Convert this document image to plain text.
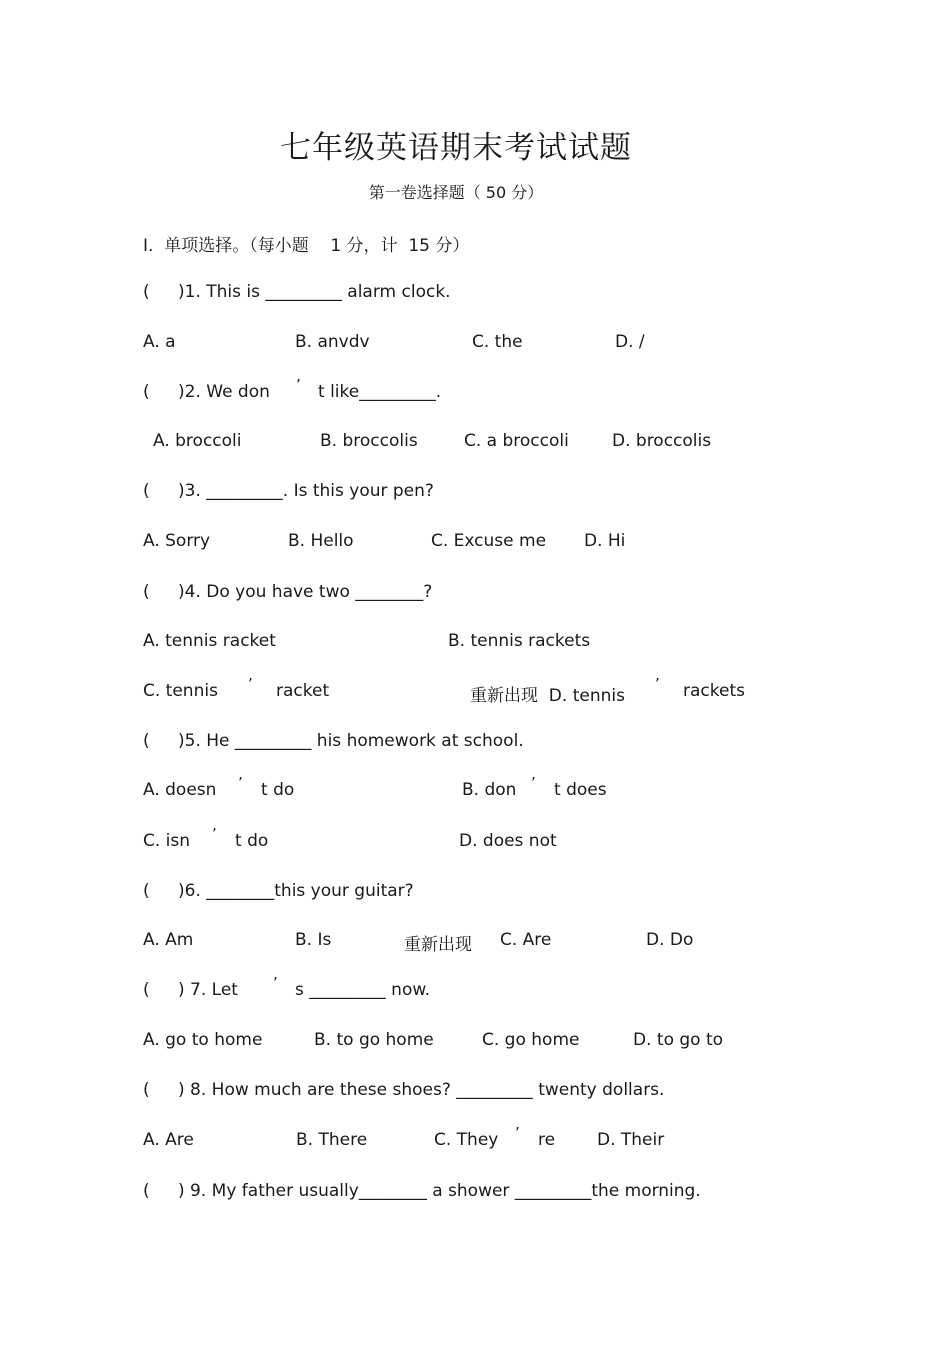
七年级英语期末考试试题
第一卷选择题（ 50 分）
I.  单项选择。（每小题    1 分，计  15 分）
( )1. This is _________ alarm clock.
A. a	B. anvdv	C. the	D. /
( )2. We don ’ t like_________.
A. broccoli	B. broccolis	C. a broccoli	D. broccolis
( )3. _________. Is this your pen?
A. Sorry	B. Hello	C. Excuse me D. Hi
( )4. Do you have two ________?
A. tennis racket	B. tennis rackets
C. tennis ’ racket	重新出现  D. tennis
’ rackets
( )5. He _________ his homework at school.
A. doesn ’ t do	B. don ’ t does
C. isn ’ t do	D. does not
( )6. ________this your guitar?
A. Am	B. Is	重新出现 C. Are	D. Do
( ) 7. Let ’ s _________ now.
A. go to home	B. to go home	C. go home	D. to go to
( ) 8. How much are these shoes? _________ twenty dollars.
A. Are	B. There	C. They ’ re D. Their
( ) 9. My father usually________ a shower _________the morning.
